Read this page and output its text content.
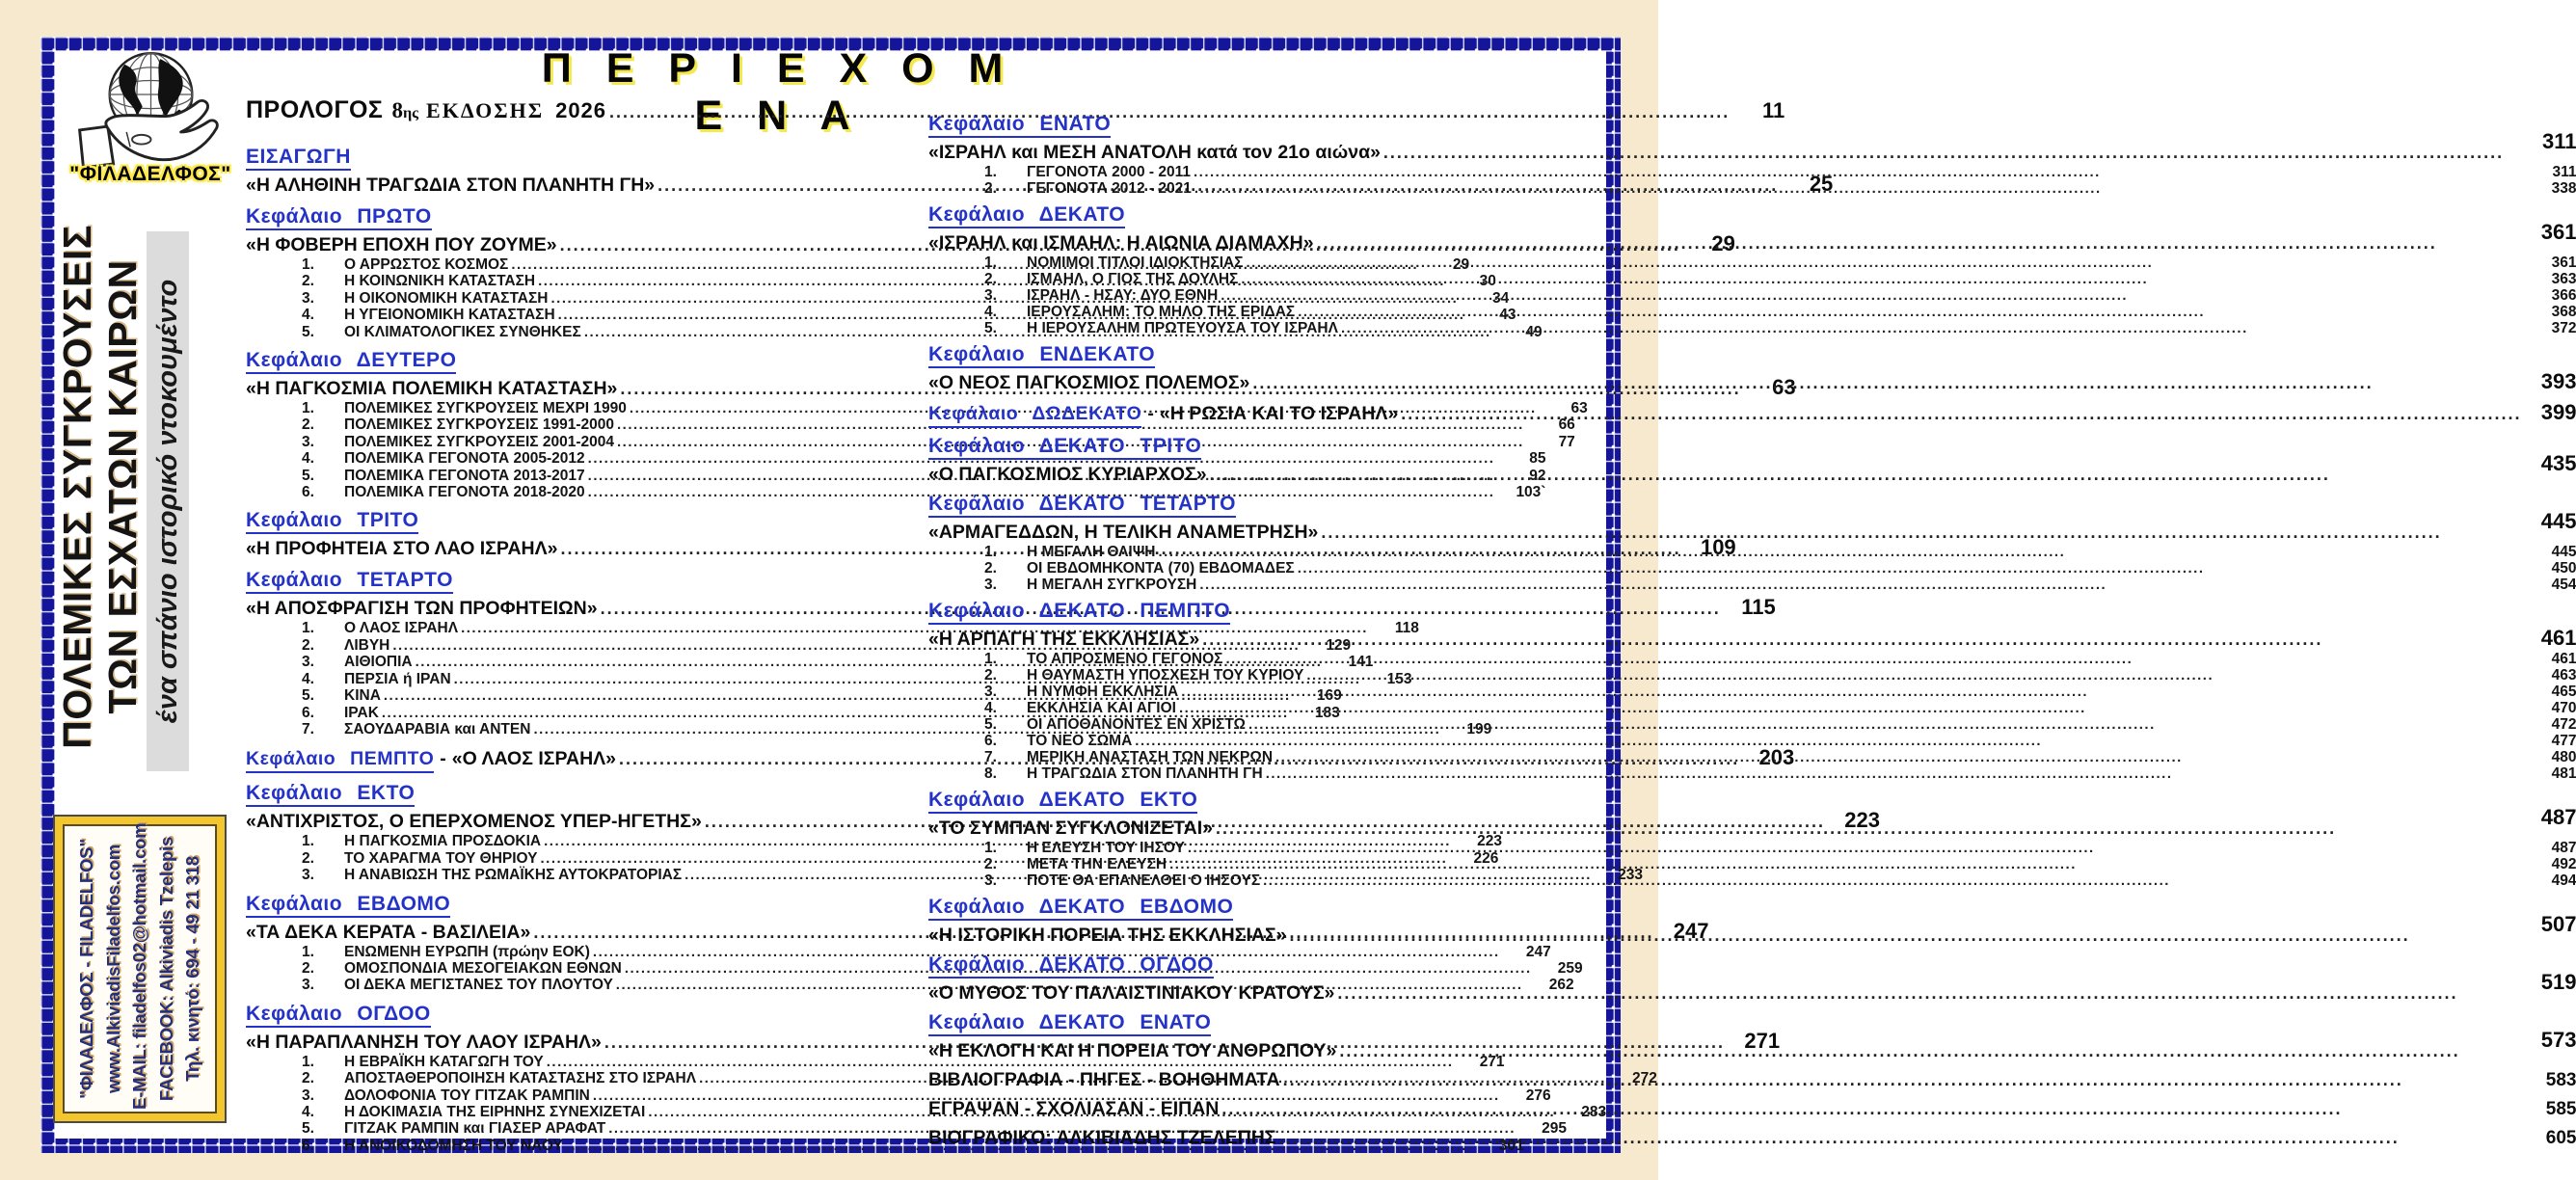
"ΦΙΛΑΔΕΛΦΟΣ"
Π Ε Ρ Ι Ε Χ Ο Μ Ε Ν Α
ΠΟΛΕΜΙΚΕΣ ΣΥΓΚΡΟΥΣΕΙΣ ΤΩΝ ΕΣΧΑΤΩΝ ΚΑΙΡΩΝ ένα σπάνιο ιστορικό ντοκουμέντο
"ΦΙΛΑΔΕΛΦΟΣ - FILADELFOS" www.AlkiviadisFiladelfos.com E-MAIL: filadelfos02@hotmail.com FACEBOOK: Alkiviadis Tzelepis Τηλ. κινητό: 694 - 49 21 318
ΠΡΟΛΟΓΟΣ 8 ης ΕΚΔΟΣΗΣ 2026 .....	11
ΕΙΣΑΓΩΓΗ
«Η ΑΛΗΘΙΝΗ ΤΡΑΓΩΔΙΑ ΣΤΟΝ ΠΛΑΝΗΤΗ ΓΗ» .....	25
Κεφάλαιο ΠΡΩΤΟ
«Η ΦΟΒΕΡΗ ΕΠΟΧΗ ΠΟΥ ΖΟΥΜΕ» .....	29
1.	Ο ΑΡΡΩΣΤΟΣ ΚΟΣΜΟΣ .....	29
2.	Η ΚΟΙΝΩΝΙΚΗ ΚΑΤΑΣΤΑΣΗ .....	30
3.	Η ΟΙΚΟΝΟΜΙΚΗ ΚΑΤΑΣΤΑΣΗ .....	34
4.	Η ΥΓΕΙΟΝΟΜΙΚΗ ΚΑΤΑΣΤΑΣΗ .....	43
5.	ΟΙ ΚΛΙΜΑΤΟΛΟΓΙΚΕΣ ΣΥΝΘΗΚΕΣ .....	49
Κεφάλαιο ΔΕΥΤΕΡΟ
«Η ΠΑΓΚΟΣΜΙΑ ΠΟΛΕΜΙΚΗ ΚΑΤΑΣΤΑΣΗ» .....	63
1.	ΠΟΛΕΜΙΚΕΣ ΣΥΓΚΡΟΥΣΕΙΣ ΜΕΧΡΙ 1990 .....	63
2.	ΠΟΛΕΜΙΚΕΣ ΣΥΓΚΡΟΥΣΕΙΣ 1991-2000 .....	66
3.	ΠΟΛΕΜΙΚΕΣ ΣΥΓΚΡΟΥΣΕΙΣ 2001-2004 .....	77
4.	ΠΟΛΕΜΙΚΑ ΓΕΓΟΝΟΤΑ 2005-2012 .....	85
5.	ΠΟΛΕΜΙΚΑ ΓΕΓΟΝΟΤΑ 2013-2017 .....	92
6.	ΠΟΛΕΜΙΚΑ ΓΕΓΟΝΟΤΑ 2018-2020 .....	103`
Κεφάλαιο ΤΡΙΤΟ
«Η ΠΡΟΦΗΤΕΙΑ ΣΤΟ ΛΑΟ ΙΣΡΑΗΛ» .....	109
Κεφάλαιο ΤΕΤΑΡΤΟ
«Η ΑΠΟΣΦΡΑΓΙΣΗ ΤΩΝ ΠΡΟΦΗΤΕΙΩΝ» .....	115
1.	Ο ΛΑΟΣ ΙΣΡΑΗΛ .....	118
2.	ΛΙΒΥΗ .....	129
3.	ΑΙΘΙΟΠΙΑ .....	141
4.	ΠΕΡΣΙΑ ή ΙΡΑΝ .....	153
5.	ΚΙΝΑ .....	169
6.	ΙΡΑΚ .....	183
7.	ΣΑΟΥΔΑΡΑΒΙΑ και ΑΝΤΕΝ .....	199
Κεφάλαιο ΠΕΜΠΤΟ - «Ο ΛΑΟΣ ΙΣΡΑΗΛ» .....	203
Κεφάλαιο ΕΚΤΟ
«ΑΝΤΙΧΡΙΣΤΟΣ, Ο ΕΠΕΡΧΟΜΕΝΟΣ ΥΠΕΡ-ΗΓΕΤΗΣ» .....	223
1.	Η ΠΑΓΚΟΣΜΙΑ ΠΡΟΣΔΟΚΙΑ .....	223
2.	ΤΟ ΧΑΡΑΓΜΑ ΤΟΥ ΘΗΡΙΟΥ .....	226
3.	Η ΑΝΑΒΙΩΣΗ ΤΗΣ ΡΩΜΑΪΚΗΣ ΑΥΤΟΚΡΑΤΟΡΙΑΣ .....	233
Κεφάλαιο ΕΒΔΟΜΟ
«ΤΑ ΔΕΚΑ ΚΕΡΑΤΑ - ΒΑΣΙΛΕΙΑ» .....	247
1.	ΕΝΩΜΕΝΗ ΕΥΡΩΠΗ (πρώην ΕΟΚ) .....	247
2.	ΟΜΟΣΠΟΝΔΙΑ ΜΕΣΟΓΕΙΑΚΩΝ ΕΘΝΩΝ .....	259
3.	ΟΙ ΔΕΚΑ ΜΕΓΙΣΤΑΝΕΣ ΤΟΥ ΠΛΟΥΤΟΥ .....	262
Κεφάλαιο ΟΓΔΟΟ
«Η ΠΑΡΑΠΛΑΝΗΣΗ ΤΟΥ ΛΑΟΥ ΙΣΡΑΗΛ» .....	271
1.	Η ΕΒΡΑΪΚΗ ΚΑΤΑΓΩΓΗ ΤΟΥ .....	271
2.	ΑΠΟΣΤΑΘΕΡΟΠΟΙΗΣΗ ΚΑΤΑΣΤΑΣΗΣ ΣΤΟ ΙΣΡΑΗΛ .....	272
3.	ΔΟΛΟΦΟΝΙΑ ΤΟΥ ΓΙΤΖΑΚ ΡΑΜΠΙΝ .....	276
4.	Η ΔΟΚΙΜΑΣΙΑ ΤΗΣ ΕΙΡΗΝΗΣ ΣΥΝΕΧΙΖΕΤΑΙ .....	283
5.	ΓΙΤΖΑΚ ΡΑΜΠΙΝ και ΓΙΑΣΕΡ ΑΡΑΦΑΤ .....	295
6.	Η ΑΝΟΙΚΟΔΟΜΗΣΗ ΤΟΥ ΝΑΟΥ .....	301
Κεφάλαιο ΕΝΑΤΟ
«ΙΣΡΑΗΛ και ΜΕΣΗ ΑΝΑΤΟΛΗ κατά τον 21ο αιώνα» .....	311
1.	ΓΕΓΟΝΟΤΑ 2000 - 2011 .....	311
2.	ΓΕΓΟΝΟΤΑ 2012 - 2021 .....	338
Κεφάλαιο ΔΕΚΑΤΟ
«ΙΣΡΑΗΛ και ΙΣΜΑΗΛ: Η ΑΙΩΝΙΑ ΔΙΑΜΑΧΗ» .....	361
1.	ΝΟΜΙΜΟΙ ΤΙΤΛΟΙ ΙΔΙΟΚΤΗΣΙΑΣ .....	361
2.	ΙΣΜΑΗΛ, Ο ΓΙΟΣ ΤΗΣ ΔΟΥΛΗΣ .....	363
3.	ΙΣΡΑΗΛ - ΗΣΑΥ: ΔΥΟ ΕΘΝΗ .....	366
4.	ΙΕΡΟΥΣΑΛΗΜ: ΤΟ ΜΗΛΟ ΤΗΣ ΕΡΙΔΑΣ .....	368
5.	Η ΙΕΡΟΥΣΑΛΗΜ ΠΡΩΤΕΥΟΥΣΑ ΤΟΥ ΙΣΡΑΗΛ .....	372
Κεφάλαιο ΕΝΔΕΚΑΤΟ
«Ο ΝΕΟΣ ΠΑΓΚΟΣΜΙΟΣ ΠΟΛΕΜΟΣ» .....	393
Κεφάλαιο ΔΩΔΕΚΑΤΟ - «Η ΡΩΣΙΑ ΚΑΙ ΤΟ ΙΣΡΑΗΛ» .....	399
Κεφάλαιο ΔΕΚΑΤΟ ΤΡΙΤΟ
«Ο ΠΑΓΚΟΣΜΙΟΣ ΚΥΡΙΑΡΧΟΣ» .....	435
Κεφάλαιο ΔΕΚΑΤΟ ΤΕΤΑΡΤΟ
«ΑΡΜΑΓΕΔΔΩΝ, Η ΤΕΛΙΚΗ ΑΝΑΜΕΤΡΗΣΗ» .....	445
1.	Η ΜΕΓΑΛΗ ΘΛΙΨΗ .....	445
2.	ΟΙ ΕΒΔΟΜΗΚΟΝΤΑ (70) ΕΒΔΟΜΑΔΕΣ .....	450
3.	Η ΜΕΓΑΛΗ ΣΥΓΚΡΟΥΣΗ .....	454
Κεφάλαιο ΔΕΚΑΤΟ ΠΕΜΠΤΟ
«Η ΑΡΠΑΓΗ ΤΗΣ ΕΚΚΛΗΣΙΑΣ» .....	461
1.	ΤΟ ΑΠΡΟΣΜΕΝΟ ΓΕΓΟΝΟΣ .....	461
2.	Η ΘΑΥΜΑΣΤΗ ΥΠΟΣΧΕΣΗ ΤΟΥ ΚΥΡΙΟΥ .....	463
3.	Η ΝΥΜΦΗ ΕΚΚΛΗΣΙΑ .....	465
4.	ΕΚΚΛΗΣΙΑ ΚΑΙ ΑΓΙΟΙ .....	470
5.	ΟΙ ΑΠΟΘΑΝΟΝΤΕΣ ΕΝ ΧΡΙΣΤΩ .....	472
6.	ΤΟ ΝΕΟ ΣΩΜΑ .....	477
7.	ΜΕΡΙΚΗ ΑΝΑΣΤΑΣΗ ΤΩΝ ΝΕΚΡΩΝ .....	480
8.	Η ΤΡΑΓΩΔΙΑ ΣΤΟΝ ΠΛΑΝΗΤΗ ΓΗ .....	481
Κεφάλαιο ΔΕΚΑΤΟ ΕΚΤΟ
«ΤΟ ΣΥΜΠΑΝ ΣΥΓΚΛΟΝΙΖΕΤΑΙ» .....	487
1.	Η ΕΛΕΥΣΗ ΤΟΥ ΙΗΣΟΥ .....	487
2.	ΜΕΤΑ ΤΗΝ ΕΛΕΥΣΗ .....	492
3.	ΠΟΤΕ ΘΑ ΕΠΑΝΕΛΘΕΙ Ο ΙΗΣΟΥΣ .....	494
Κεφάλαιο ΔΕΚΑΤΟ ΕΒΔΟΜΟ
«Η ΙΣΤΟΡΙΚΗ ΠΟΡΕΙΑ ΤΗΣ ΕΚΚΛΗΣΙΑΣ» .....	507
Κεφάλαιο ΔΕΚΑΤΟ ΟΓΔΟΟ
«Ο ΜΥΘΟΣ ΤΟΥ ΠΑΛΑΙΣΤΙΝΙΑΚΟΥ ΚΡΑΤΟΥΣ» .....	519
Κεφάλαιο ΔΕΚΑΤΟ ΕΝΑΤΟ
«Η ΕΚΛΟΓΗ ΚΑΙ Η ΠΟΡΕΙΑ ΤΟΥ ΑΝΘΡΩΠΟΥ» .....	573
ΒΙΒΛΙΟΓΡΑΦΙΑ - ΠΗΓΕΣ - ΒΟΗΘΗΜΑΤΑ .....	583
ΕΓΡΑΨΑΝ - ΣΧΟΛΙΑΣΑΝ - ΕΙΠΑΝ .....	585
ΒΙΟΓΡΑΦΙΚΟ: ΑΛΚΙΒΙΑΔΗΣ ΤΖΕΛΕΠΗΣ .....	605
